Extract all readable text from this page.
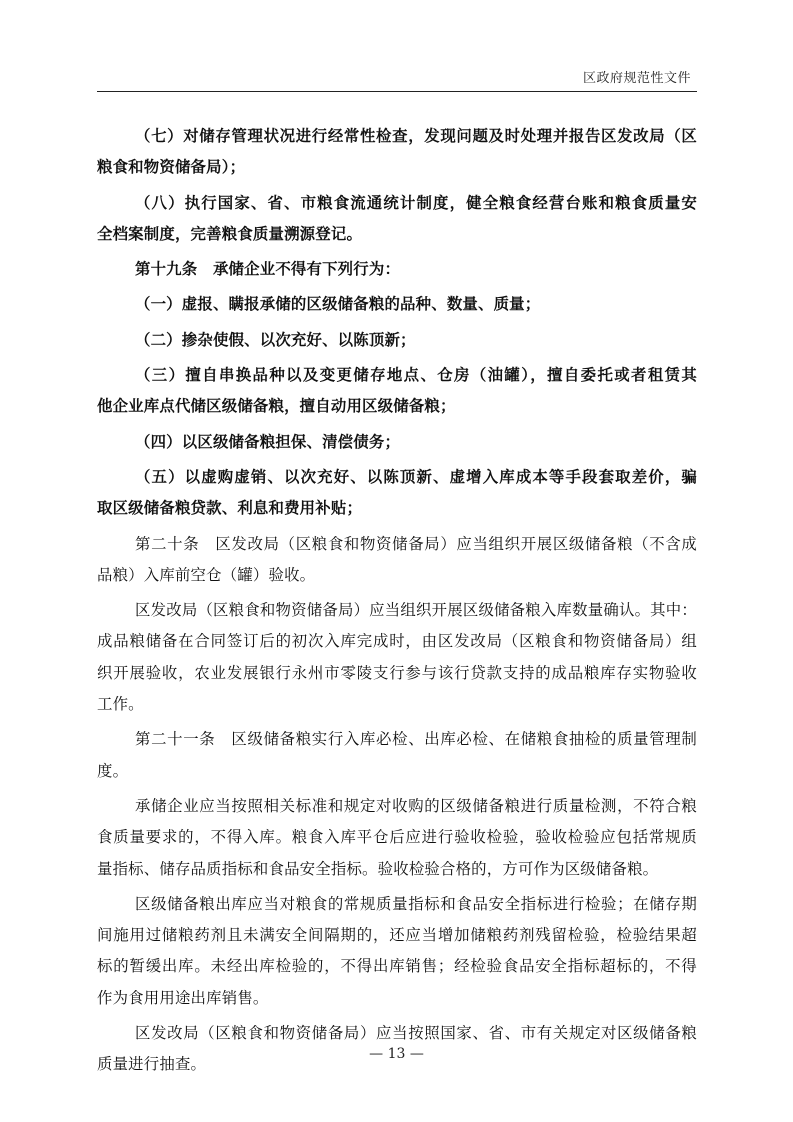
区政府规范性文件
（七）对储存管理状况进行经常性检查，发现问题及时处理并报告区发改局（区
粮食和物资储备局）；
（八）执行国家、省、市粮食流通统计制度，健全粮食经营台账和粮食质量安
全档案制度，完善粮食质量溯源登记。
第十九条　承储企业不得有下列行为：
（一）虚报、瞒报承储的区级储备粮的品种、数量、质量；
（二）掺杂使假、以次充好、以陈顶新；
（三）擅自串换品种以及变更储存地点、仓房（油罐），擅自委托或者租赁其
他企业库点代储区级储备粮，擅自动用区级储备粮；
（四）以区级储备粮担保、清偿债务；
（五）以虚购虚销、以次充好、以陈顶新、虚增入库成本等手段套取差价，骗
取区级储备粮贷款、利息和费用补贴；
第二十条　区发改局（区粮食和物资储备局）应当组织开展区级储备粮（不含成
品粮）入库前空仓（罐）验收。
区发改局（区粮食和物资储备局）应当组织开展区级储备粮入库数量确认。其中：
成品粮储备在合同签订后的初次入库完成时，由区发改局（区粮食和物资储备局）组
织开展验收，农业发展银行永州市零陵支行参与该行贷款支持的成品粮库存实物验收
工作。
第二十一条　区级储备粮实行入库必检、出库必检、在储粮食抽检的质量管理制
度。
承储企业应当按照相关标准和规定对收购的区级储备粮进行质量检测，不符合粮
食质量要求的，不得入库。粮食入库平仓后应进行验收检验，验收检验应包括常规质
量指标、储存品质指标和食品安全指标。验收检验合格的，方可作为区级储备粮。
区级储备粮出库应当对粮食的常规质量指标和食品安全指标进行检验；在储存期
间施用过储粮药剂且未满安全间隔期的，还应当增加储粮药剂残留检验，检验结果超
标的暂缓出库。未经出库检验的，不得出库销售；经检验食品安全指标超标的，不得
作为食用用途出库销售。
区发改局（区粮食和物资储备局）应当按照国家、省、市有关规定对区级储备粮
质量进行抽查。
— 13 —
